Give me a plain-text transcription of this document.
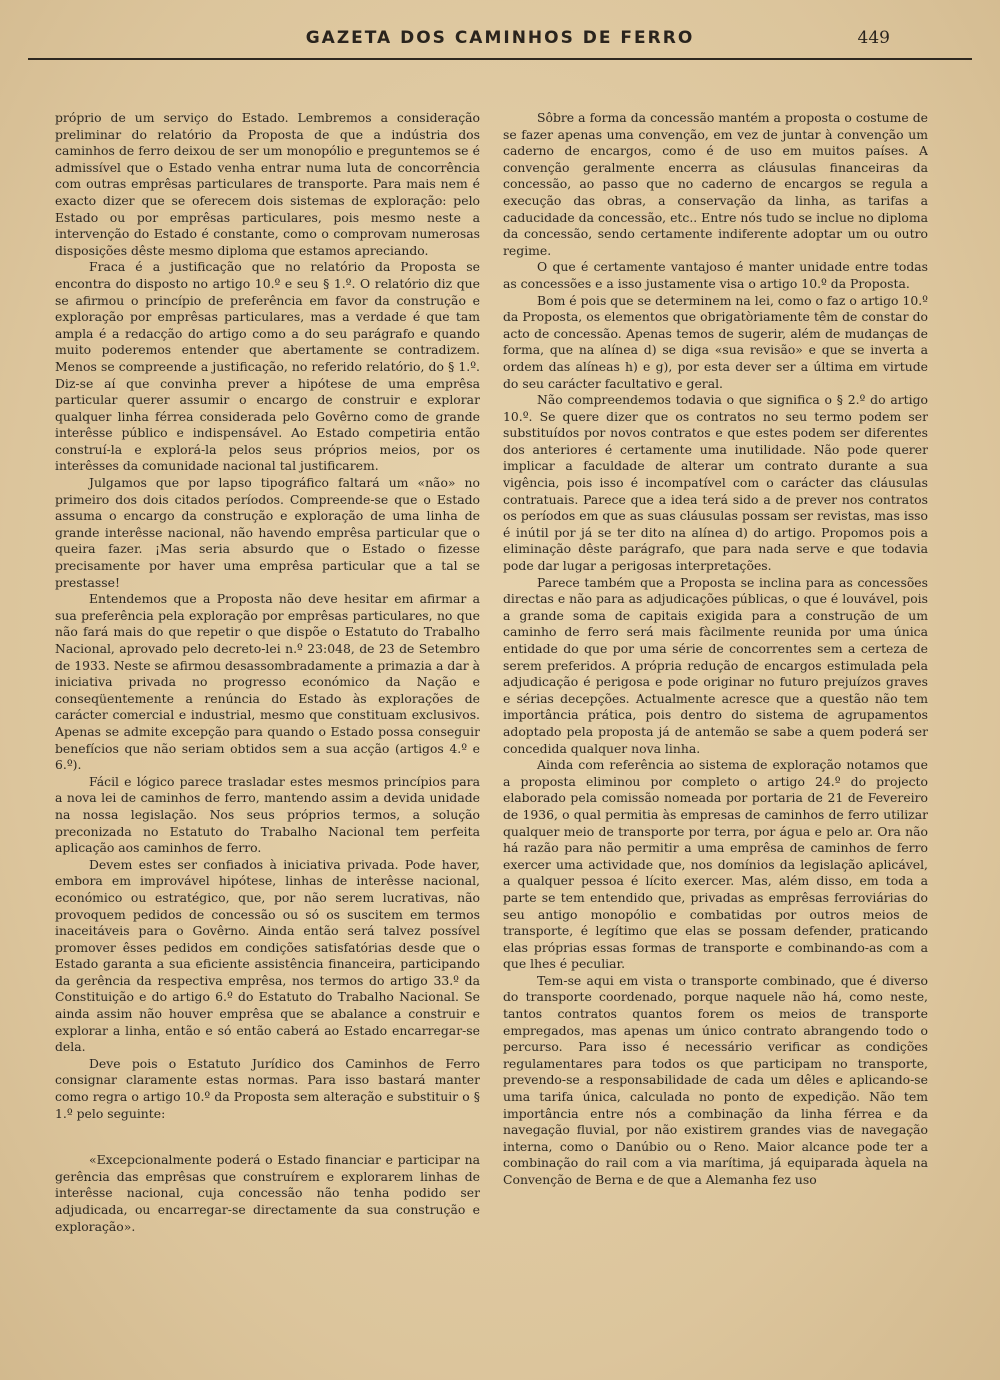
GAZETA DOS CAMINHOS DE FERRO	449

próprio de um serviço do Estado. Lembremos a consideração preliminar do relatório da Proposta de que a indústria dos caminhos de ferro deixou de ser um monopólio e preguntemos se é admissível que o Estado venha entrar numa luta de concorrência com outras emprêsas particulares de transporte. Para mais nem é exacto dizer que se oferecem dois sistemas de exploração: pelo Estado ou por emprêsas particulares, pois mesmo neste a intervenção do Estado é constante, como o comprovam numerosas disposições dêste mesmo diploma que estamos apreciando.

Fraca é a justificação que no relatório da Proposta se encontra do disposto no artigo 10.º e seu § 1.º. O relatório diz que se afirmou o princípio de preferência em favor da construção e exploração por emprêsas particulares, mas a verdade é que tam ampla é a redacção do artigo como a do seu parágrafo e quando muito poderemos entender que abertamente se contradizem. Menos se compreende a justificação, no referido relatório, do § 1.º. Diz-se aí que convinha prever a hipótese de uma emprêsa particular querer assumir o encargo de construir e explorar qualquer linha férrea considerada pelo Govêrno como de grande interêsse público e indispensável. Ao Estado competiria então construí-la e explorá-la pelos seus próprios meios, por os interêsses da comunidade nacional tal justificarem.

Julgamos que por lapso tipográfico faltará um «não» no primeiro dos dois citados períodos. Compreende-se que o Estado assuma o encargo da construção e exploração de uma linha de grande interêsse nacional, não havendo emprêsa particular que o queira fazer. ¡Mas seria absurdo que o Estado o fizesse precisamente por haver uma emprêsa particular que a tal se prestasse!

Entendemos que a Proposta não deve hesitar em afirmar a sua preferência pela exploração por emprêsas particulares, no que não fará mais do que repetir o que dispõe o Estatuto do Trabalho Nacional, aprovado pelo decreto-lei n.º 23:048, de 23 de Setembro de 1933. Neste se afirmou desassombradamente a primazia a dar à iniciativa privada no progresso económico da Nação e conseqüentemente a renúncia do Estado às explorações de carácter comercial e industrial, mesmo que constituam exclusivos. Apenas se admite excepção para quando o Estado possa conseguir benefícios que não seriam obtidos sem a sua acção (artigos 4.º e 6.º).

Fácil e lógico parece trasladar estes mesmos princípios para a nova lei de caminhos de ferro, mantendo assim a devida unidade na nossa legislação. Nos seus próprios termos, a solução preconizada no Estatuto do Trabalho Nacional tem perfeita aplicação aos caminhos de ferro.

Devem estes ser confiados à iniciativa privada. Pode haver, embora em improvável hipótese, linhas de interêsse nacional, económico ou estratégico, que, por não serem lucrativas, não provoquem pedidos de concessão ou só os suscitem em termos inaceitáveis para o Govêrno. Ainda então será talvez possível promover êsses pedidos em condições satisfatórias desde que o Estado garanta a sua eficiente assistência financeira, participando da gerência da respectiva emprêsa, nos termos do artigo 33.º da Constituição e do artigo 6.º do Estatuto do Trabalho Nacional. Se ainda assim não houver emprêsa que se abalance a construir e explorar a linha, então e só então caberá ao Estado encarregar-se dela.

Deve pois o Estatuto Jurídico dos Caminhos de Ferro consignar claramente estas normas. Para isso bastará manter como regra o artigo 10.º da Proposta sem alteração e substituir o § 1.º pelo seguinte:

«Excepcionalmente poderá o Estado financiar e participar na gerência das emprêsas que construírem e explorarem linhas de interêsse nacional, cuja concessão não tenha podido ser adjudicada, ou encarregar-se directamente da sua construção e exploração».

Sôbre a forma da concessão mantém a proposta o costume de se fazer apenas uma convenção, em vez de juntar à convenção um caderno de encargos, como é de uso em muitos países. A convenção geralmente encerra as cláusulas financeiras da concessão, ao passo que no caderno de encargos se regula a execução das obras, a conservação da linha, as tarifas a caducidade da concessão, etc.. Entre nós tudo se inclue no diploma da concessão, sendo certamente indiferente adoptar um ou outro regime.

O que é certamente vantajoso é manter unidade entre todas as concessões e a isso justamente visa o artigo 10.º da Proposta.

Bom é pois que se determinem na lei, como o faz o artigo 10.º da Proposta, os elementos que obrigatòriamente têm de constar do acto de concessão. Apenas temos de sugerir, além de mudanças de forma, que na alínea d) se diga «sua revisão» e que se inverta a ordem das alíneas h) e g), por esta dever ser a última em virtude do seu carácter facultativo e geral.

Não compreendemos todavia o que significa o § 2.º do artigo 10.º. Se quere dizer que os contratos no seu termo podem ser substituídos por novos contratos e que estes podem ser diferentes dos anteriores é certamente uma inutilidade. Não pode querer implicar a faculdade de alterar um contrato durante a sua vigência, pois isso é incompatível com o carácter das cláusulas contratuais. Parece que a idea terá sido a de prever nos contratos os períodos em que as suas cláusulas possam ser revistas, mas isso é inútil por já se ter dito na alínea d) do artigo. Propomos pois a eliminação dêste parágrafo, que para nada serve e que todavia pode dar lugar a perigosas interpretações.

Parece também que a Proposta se inclina para as concessões directas e não para as adjudicações públicas, o que é louvável, pois a grande soma de capitais exigida para a construção de um caminho de ferro será mais fàcilmente reunida por uma única entidade do que por uma série de concorrentes sem a certeza de serem preferidos. A própria redução de encargos estimulada pela adjudicação é perigosa e pode originar no futuro prejuízos graves e sérias decepções. Actualmente acresce que a questão não tem importância prática, pois dentro do sistema de agrupamentos adoptado pela proposta já de antemão se sabe a quem poderá ser concedida qualquer nova linha.

Ainda com referência ao sistema de exploração notamos que a proposta eliminou por completo o artigo 24.º do projecto elaborado pela comissão nomeada por portaria de 21 de Fevereiro de 1936, o qual permitia às empresas de caminhos de ferro utilizar qualquer meio de transporte por terra, por água e pelo ar. Ora não há razão para não permitir a uma emprêsa de caminhos de ferro exercer uma actividade que, nos domínios da legislação aplicável, a qualquer pessoa é lícito exercer. Mas, além disso, em toda a parte se tem entendido que, privadas as emprêsas ferroviárias do seu antigo monopólio e combatidas por outros meios de transporte, é legítimo que elas se possam defender, praticando elas próprias essas formas de transporte e combinando-as com a que lhes é peculiar.

Tem-se aqui em vista o transporte combinado, que é diverso do transporte coordenado, porque naquele não há, como neste, tantos contratos quantos forem os meios de transporte empregados, mas apenas um único contrato abrangendo todo o percurso. Para isso é necessário verificar as condições regulamentares para todos os que participam no transporte, prevendo-se a responsabilidade de cada um dêles e aplicando-se uma tarifa única, calculada no ponto de expedição. Não tem importância entre nós a combinação da linha férrea e da navegação fluvial, por não existirem grandes vias de navegação interna, como o Danúbio ou o Reno. Maior alcance pode ter a combinação do rail com a via marítima, já equiparada àquela na Convenção de Berna e de que a Alemanha fez uso
